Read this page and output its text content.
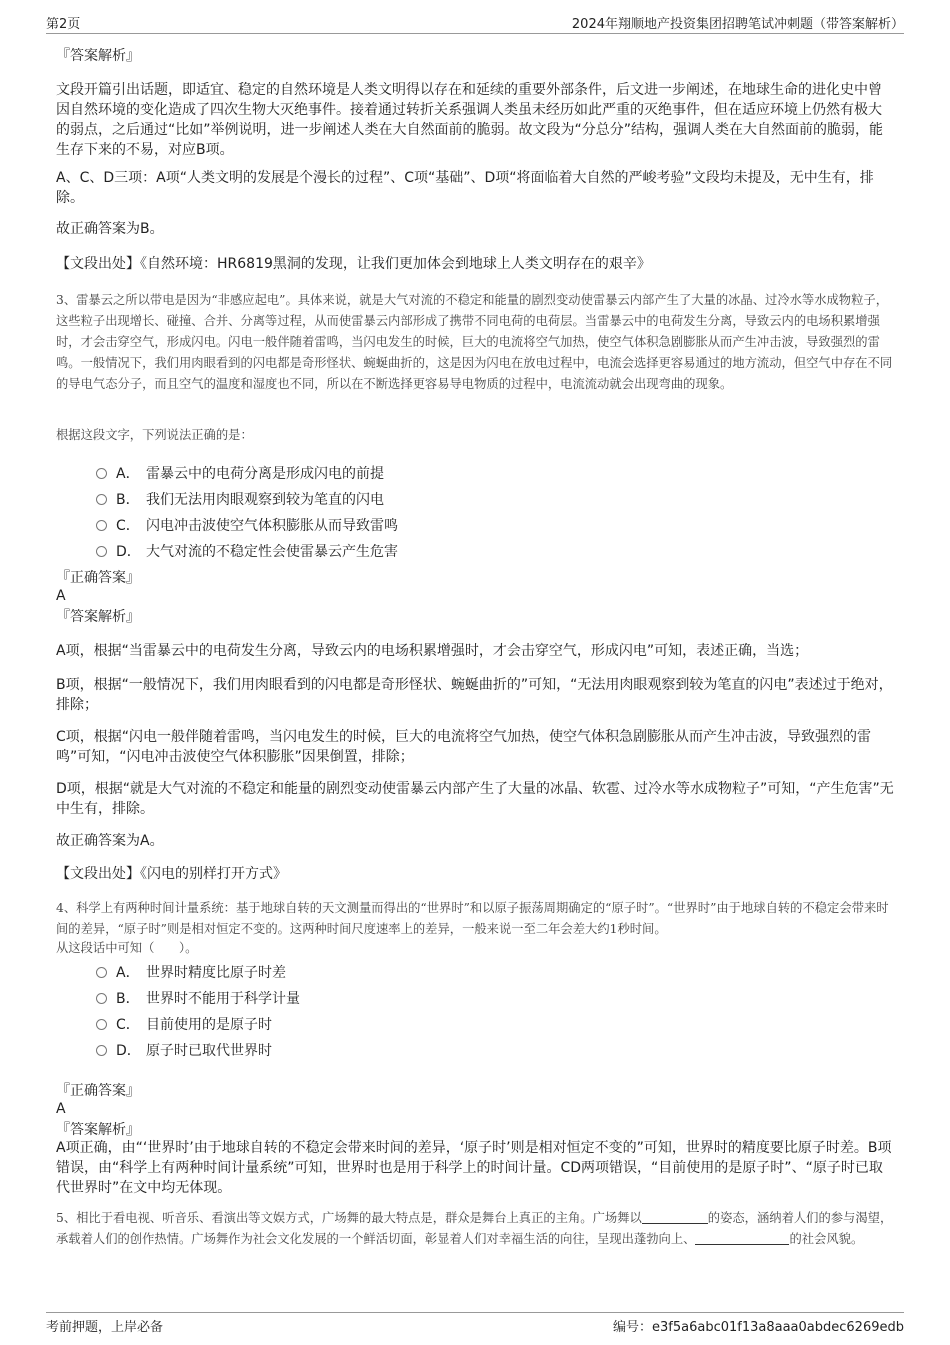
第2页	2024年翔顺地产投资集团招聘笔试冲刺题（带答案解析）
『答案解析』
文段开篇引出话题，即适宜、稳定的自然环境是人类文明得以存在和延续的重要外部条件，后文进一步阐述，在地球生命的进化史中曾因自然环境的变化造成了四次生物大灭绝事件。接着通过转折关系强调人类虽未经历如此严重的灭绝事件，但在适应环境上仍然有极大的弱点，之后通过“比如”举例说明，进一步阐述人类在大自然面前的脆弱。故文段为“分总分”结构，强调人类在大自然面前的脆弱，能生存下来的不易，对应B项。
A、C、D三项：A项“人类文明的发展是个漫长的过程”、C项“基础”、D项“将面临着大自然的严峻考验”文段均未提及，无中生有，排除。
故正确答案为B。
【文段出处】《自然环境：HR6819黑洞的发现，让我们更加体会到地球上人类文明存在的艰辛》
3、雷暴云之所以带电是因为“非感应起电”。具体来说，就是大气对流的不稳定和能量的剧烈变动使雷暴云内部产生了大量的冰晶、过冷水等水成物粒子，这些粒子出现增长、碰撞、合并、分离等过程，从而使雷暴云内部形成了携带不同电荷的电荷层。当雷暴云中的电荷发生分离，导致云内的电场积累增强时，才会击穿空气，形成闪电。闪电一般伴随着雷鸣，当闪电发生的时候，巨大的电流将空气加热，使空气体积急剧膨胀从而产生冲击波，导致强烈的雷鸣。一般情况下，我们用肉眼看到的闪电都是奇形怪状、蜿蜒曲折的，这是因为闪电在放电过程中，电流会选择更容易通过的地方流动，但空气中存在不同的导电气态分子，而且空气的温度和湿度也不同，所以在不断选择更容易导电物质的过程中，电流流动就会出现弯曲的现象。
根据这段文字，下列说法正确的是：
A． 雷暴云中的电荷分离是形成闪电的前提
B． 我们无法用肉眼观察到较为笔直的闪电
C． 闪电冲击波使空气体积膨胀从而导致雷鸣
D． 大气对流的不稳定性会使雷暴云产生危害
『正确答案』
A
『答案解析』
A项，根据“当雷暴云中的电荷发生分离，导致云内的电场积累增强时，才会击穿空气，形成闪电”可知，表述正确，当选；
B项，根据“一般情况下，我们用肉眼看到的闪电都是奇形怪状、蜿蜒曲折的”可知，“无法用肉眼观察到较为笔直的闪电”表述过于绝对，排除；
C项，根据“闪电一般伴随着雷鸣，当闪电发生的时候，巨大的电流将空气加热，使空气体积急剧膨胀从而产生冲击波，导致强烈的雷鸣”可知，“闪电冲击波使空气体积膨胀”因果倒置，排除；
D项，根据“就是大气对流的不稳定和能量的剧烈变动使雷暴云内部产生了大量的冰晶、软雹、过冷水等水成物粒子”可知，“产生危害”无中生有，排除。
故正确答案为A。
【文段出处】《闪电的别样打开方式》
4、科学上有两种时间计量系统：基于地球自转的天文测量而得出的“世界时”和以原子振荡周期确定的“原子时”。“世界时”由于地球自转的不稳定会带来时间的差异，“原子时”则是相对恒定不变的。这两种时间尺度速率上的差异，一般来说一至二年会差大约1秒时间。
从这段话中可知（　　）。
A． 世界时精度比原子时差
B． 世界时不能用于科学计量
C． 目前使用的是原子时
D． 原子时已取代世界时
『正确答案』
A
『答案解析』
A项正确，由“‘世界时’由于地球自转的不稳定会带来时间的差异，‘原子时’则是相对恒定不变的”可知，世界时的精度要比原子时差。B项错误，由“科学上有两种时间计量系统”可知，世界时也是用于科学上的时间计量。CD两项错误，“目前使用的是原子时”、“原子时已取代世界时”在文中均无体现。
5、相比于看电视、听音乐、看演出等文娱方式，广场舞的最大特点是，群众是舞台上真正的主角。广场舞以	的姿态，涵纳着人们的参与渴望，承载着人们的创作热情。广场舞作为社会文化发展的一个鲜活切面，彰显着人们对幸福生活的向往，呈现出蓬勃向上、	的社会风貌。
考前押题，上岸必备	编号：e3f5a6abc01f13a8aaa0abdec6269edb
